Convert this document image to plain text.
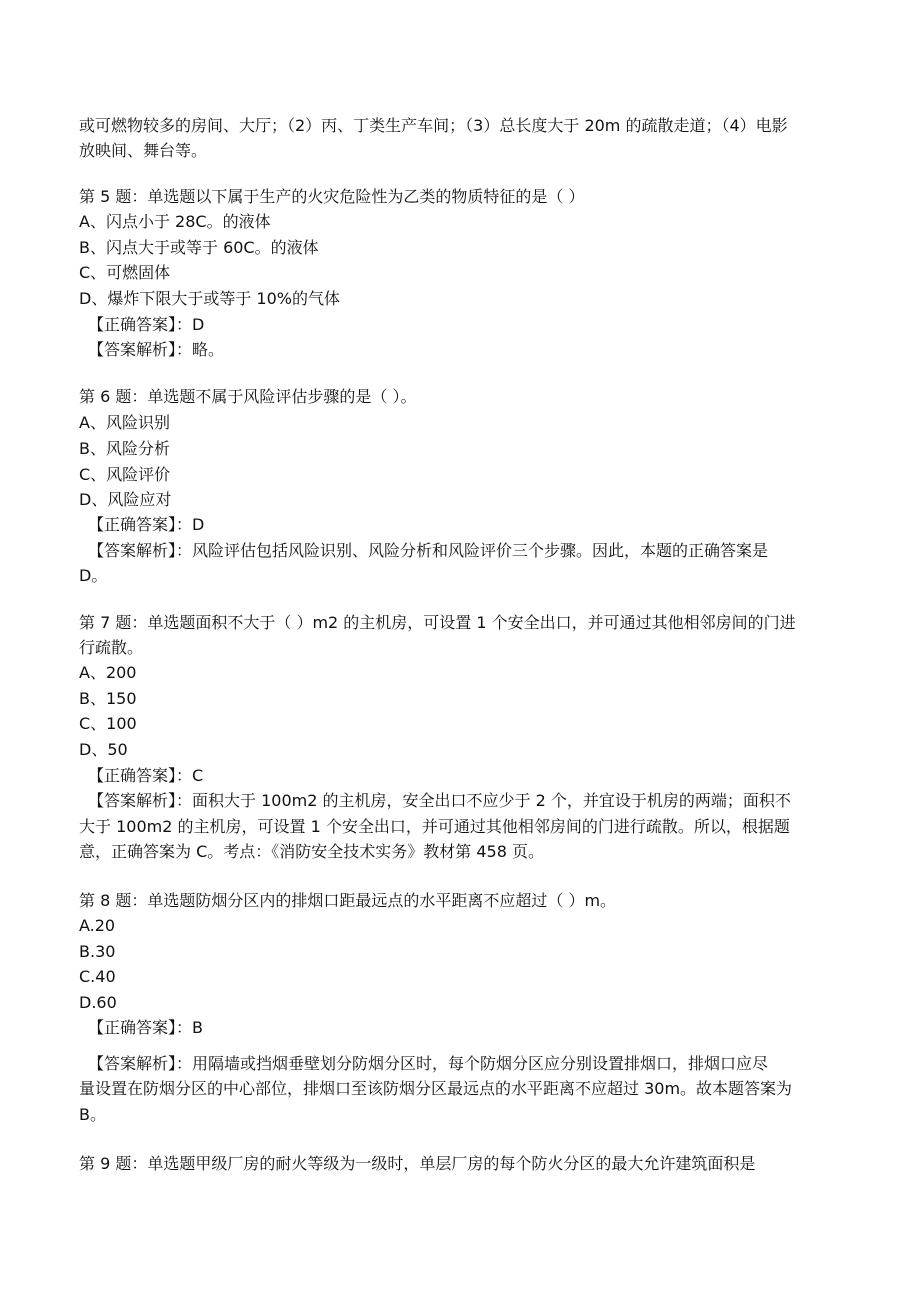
或可燃物较多的房间、大厅；（2）丙、丁类生产车间；（3）总长度大于 20m 的疏散走道；（4）电影
放映间、舞台等。
第 5 题：单选题以下属于生产的火灾危险性为乙类的物质特征的是（ ）
A、闪点小于 28C。的液体
B、闪点大于或等于 60C。的液体
C、可燃固体
D、爆炸下限大于或等于 10%的气体
【正确答案】：D
【答案解析】：略。
第 6 题：单选题不属于风险评估步骤的是（ ）。
A、风险识别
B、风险分析
C、风险评价
D、风险应对
【正确答案】：D
【答案解析】：风险评估包括风险识别、风险分析和风险评价三个步骤。因此，本题的正确答案是
D。
第 7 题：单选题面积不大于（ ）m2 的主机房，可设置 1 个安全出口，并可通过其他相邻房间的门进
行疏散。
A、200
B、150
C、100
D、50
【正确答案】：C
【答案解析】：面积大于 100m2 的主机房，安全出口不应少于 2 个，并宜设于机房的两端；面积不
大于 100m2 的主机房，可设置 1 个安全出口，并可通过其他相邻房间的门进行疏散。所以，根据题
意，正确答案为 C。考点：《消防安全技术实务》教材第 458 页。
第 8 题：单选题防烟分区内的排烟口距最远点的水平距离不应超过（ ）m。
A.20
B.30
C.40
D.60
【正确答案】：B
【答案解析】：用隔墙或挡烟垂壁划分防烟分区时，每个防烟分区应分别设置排烟口，排烟口应尽
量设置在防烟分区的中心部位，排烟口至该防烟分区最远点的水平距离不应超过 30m。故本题答案为
B。
第 9 题：单选题甲级厂房的耐火等级为一级时，单层厂房的每个防火分区的最大允许建筑面积是
